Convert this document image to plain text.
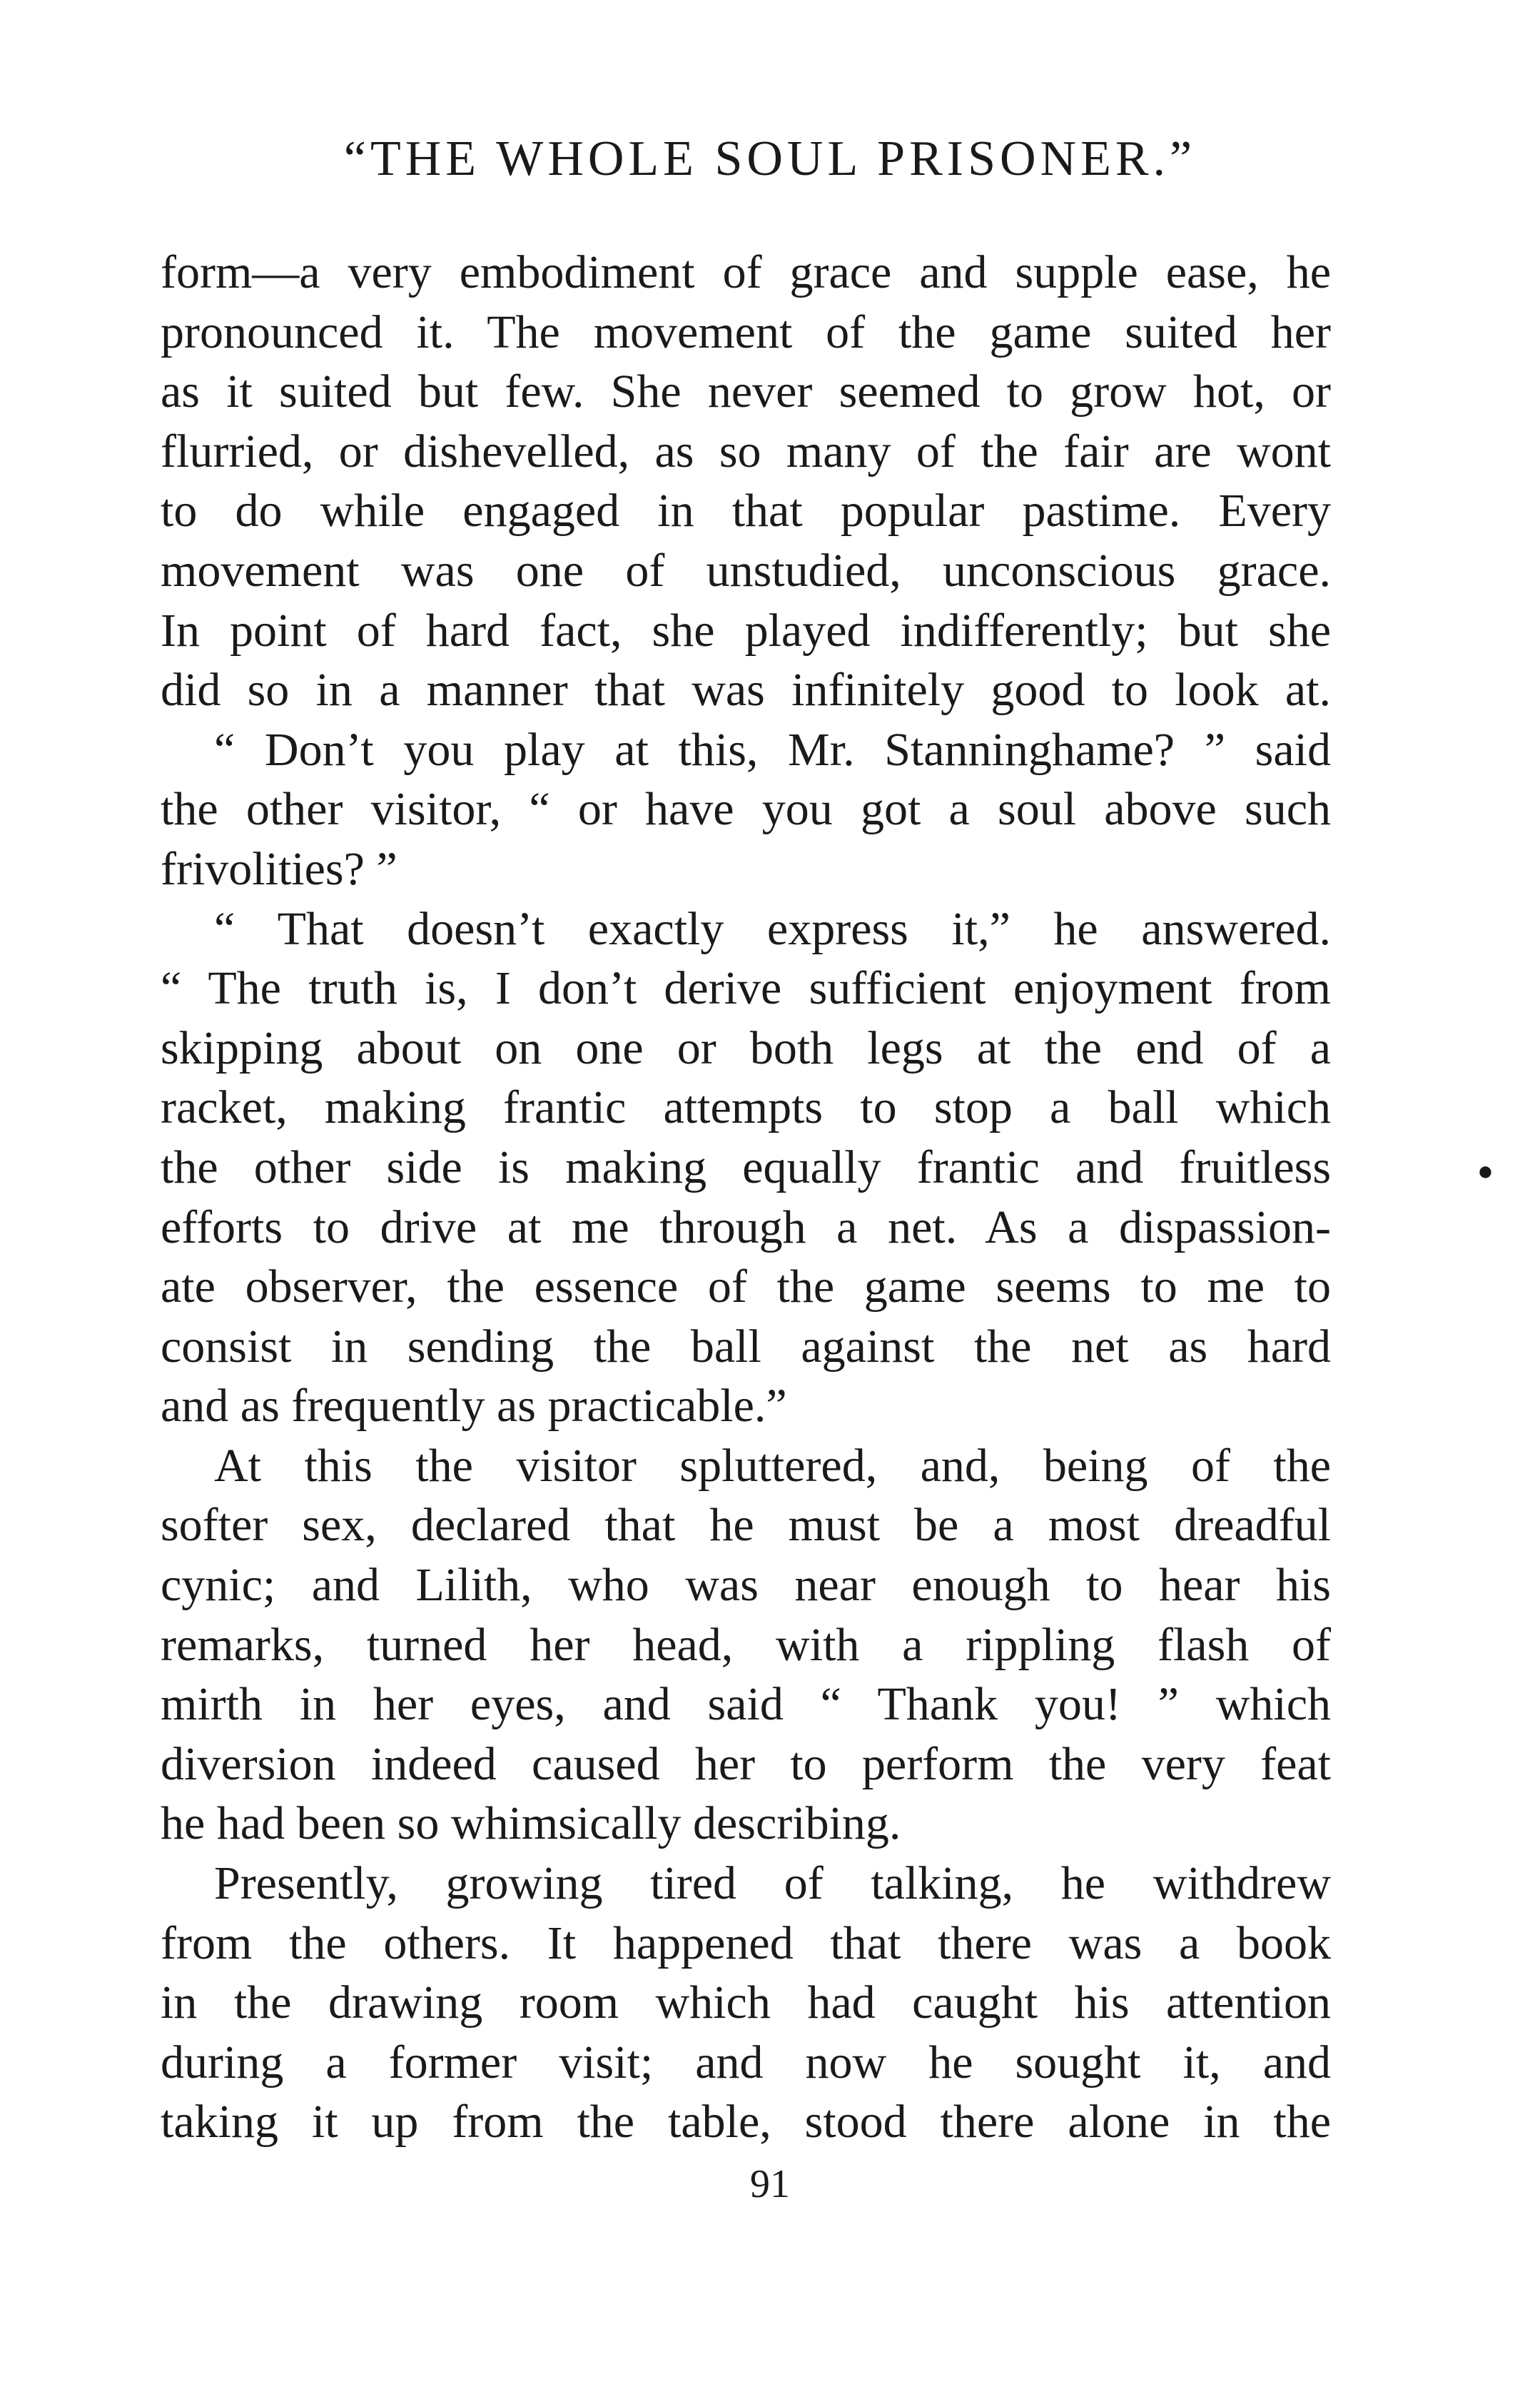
“THE WHOLE SOUL PRISONER.”
form—a very embodiment of grace and supple ease, he
pronounced it. The movement of the game suited her
as it suited but few. She never seemed to grow hot, or
flurried, or dishevelled, as so many of the fair are wont
to do while engaged in that popular pastime. Every
movement was one of unstudied, unconscious grace.
In point of hard fact, she played indifferently; but she
did so in a manner that was infinitely good to look at.
“ Don’t you play at this, Mr. Stanninghame? ” said
the other visitor, “ or have you got a soul above such
frivolities? ”
“ That doesn’t exactly express it,” he answered.
“ The truth is, I don’t derive sufficient enjoyment from
skipping about on one or both legs at the end of a
racket, making frantic attempts to stop a ball which
the other side is making equally frantic and fruitless
efforts to drive at me through a net. As a dispassion-
ate observer, the essence of the game seems to me to
consist in sending the ball against the net as hard
and as frequently as practicable.”
At this the visitor spluttered, and, being of the
softer sex, declared that he must be a most dreadful
cynic; and Lilith, who was near enough to hear his
remarks, turned her head, with a rippling flash of
mirth in her eyes, and said “ Thank you! ” which
diversion indeed caused her to perform the very feat
he had been so whimsically describing.
Presently, growing tired of talking, he withdrew
from the others. It happened that there was a book
in the drawing room which had caught his attention
during a former visit; and now he sought it, and
taking it up from the table, stood there alone in the
●
91
